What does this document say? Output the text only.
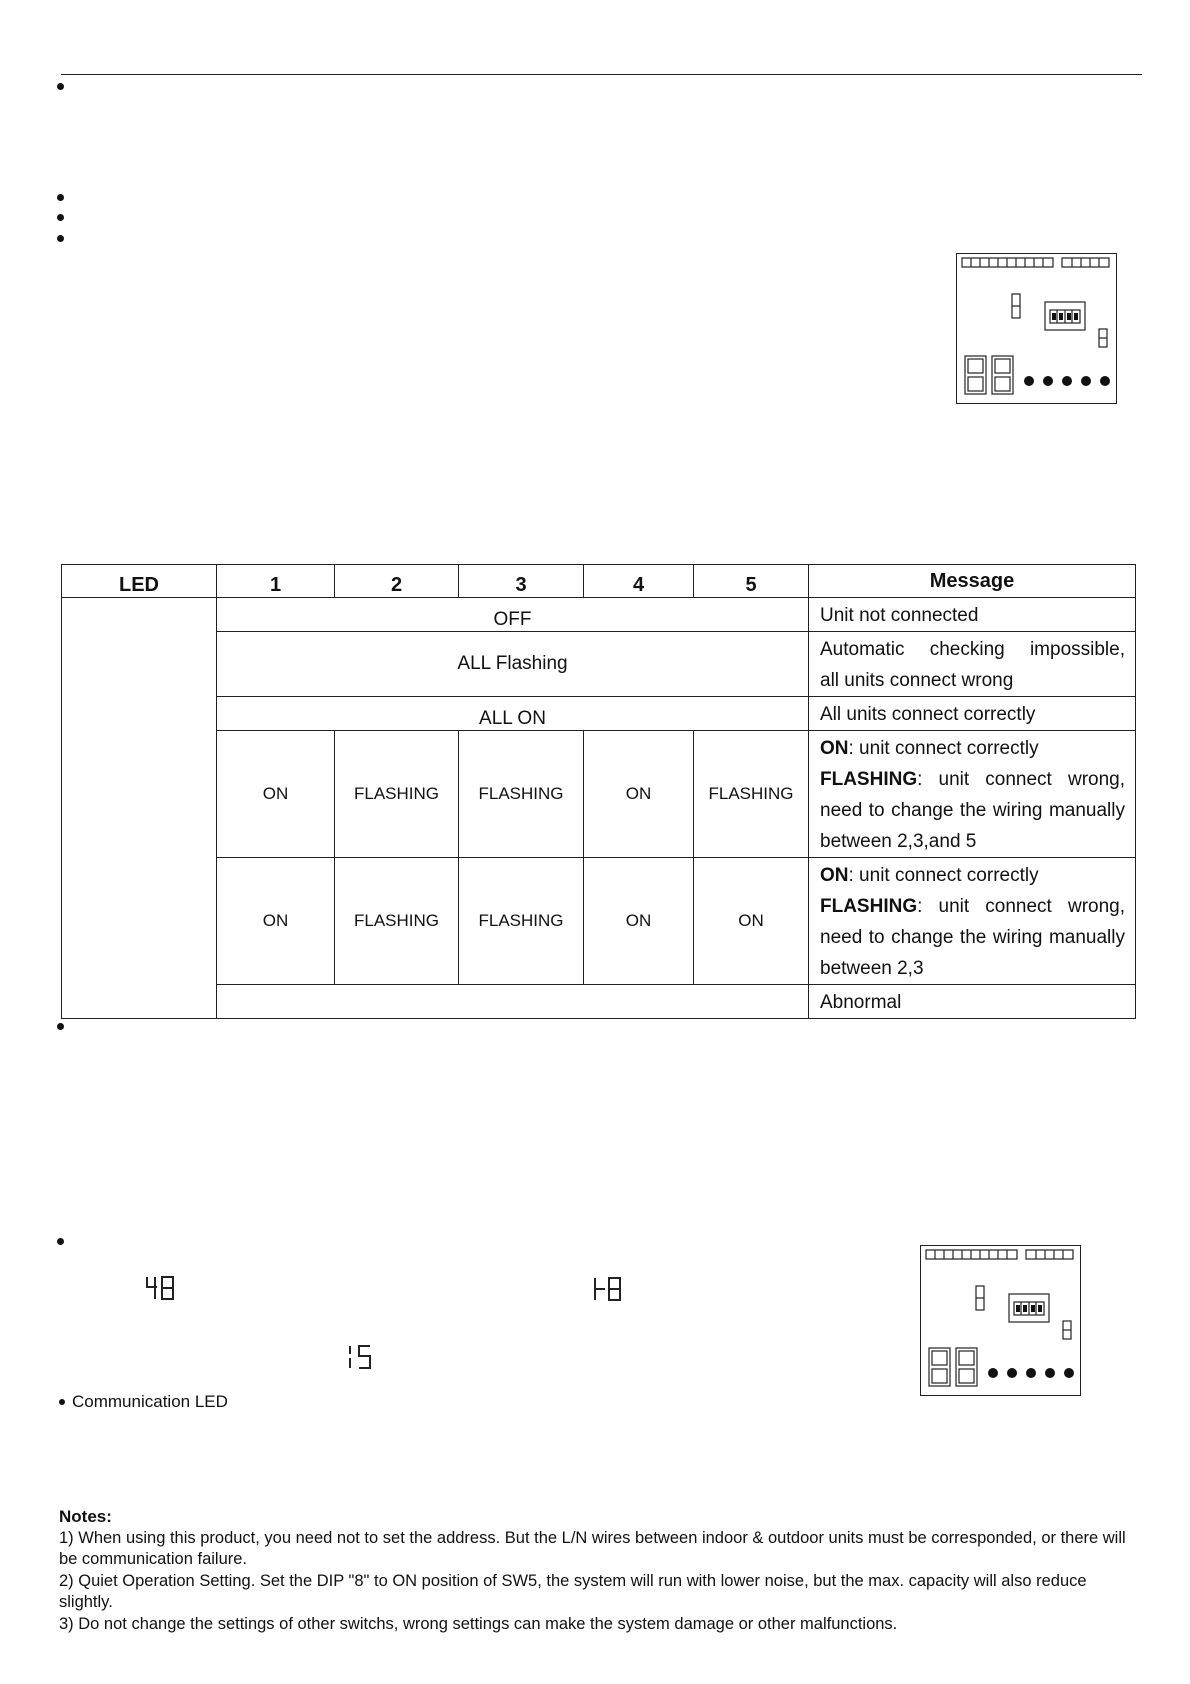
LED	1	2	3	4	5	Message
	OFF					Unit not connected
	ALL Flashing					Automatic checking impossible,
all units connect wrong

	ALL ON					All units connect correctly
	ON	FLASHING	FLASHING	ON	FLASHING	ON: unit connect correctly
FLASHING: unit connect wrong, need to change the wiring manually between 2,3,and 5
	ON	FLASHING	FLASHING	ON	ON	ON: unit connect correctly
FLASHING: unit connect wrong, need to change the wiring manually between 2,3
						Abnormal
40
-8
15
Communication LED
Notes:
1) When using this product, you need not to set the address. But the L/N wires between indoor & outdoor units must be corresponded, or there will be communication failure.
2) Quiet Operation Setting. Set the DIP "8" to ON position of SW5, the system will run with lower noise, but the max. capacity will also reduce slightly.
3) Do not change the settings of other switchs, wrong settings can make the system damage or other malfunctions.
